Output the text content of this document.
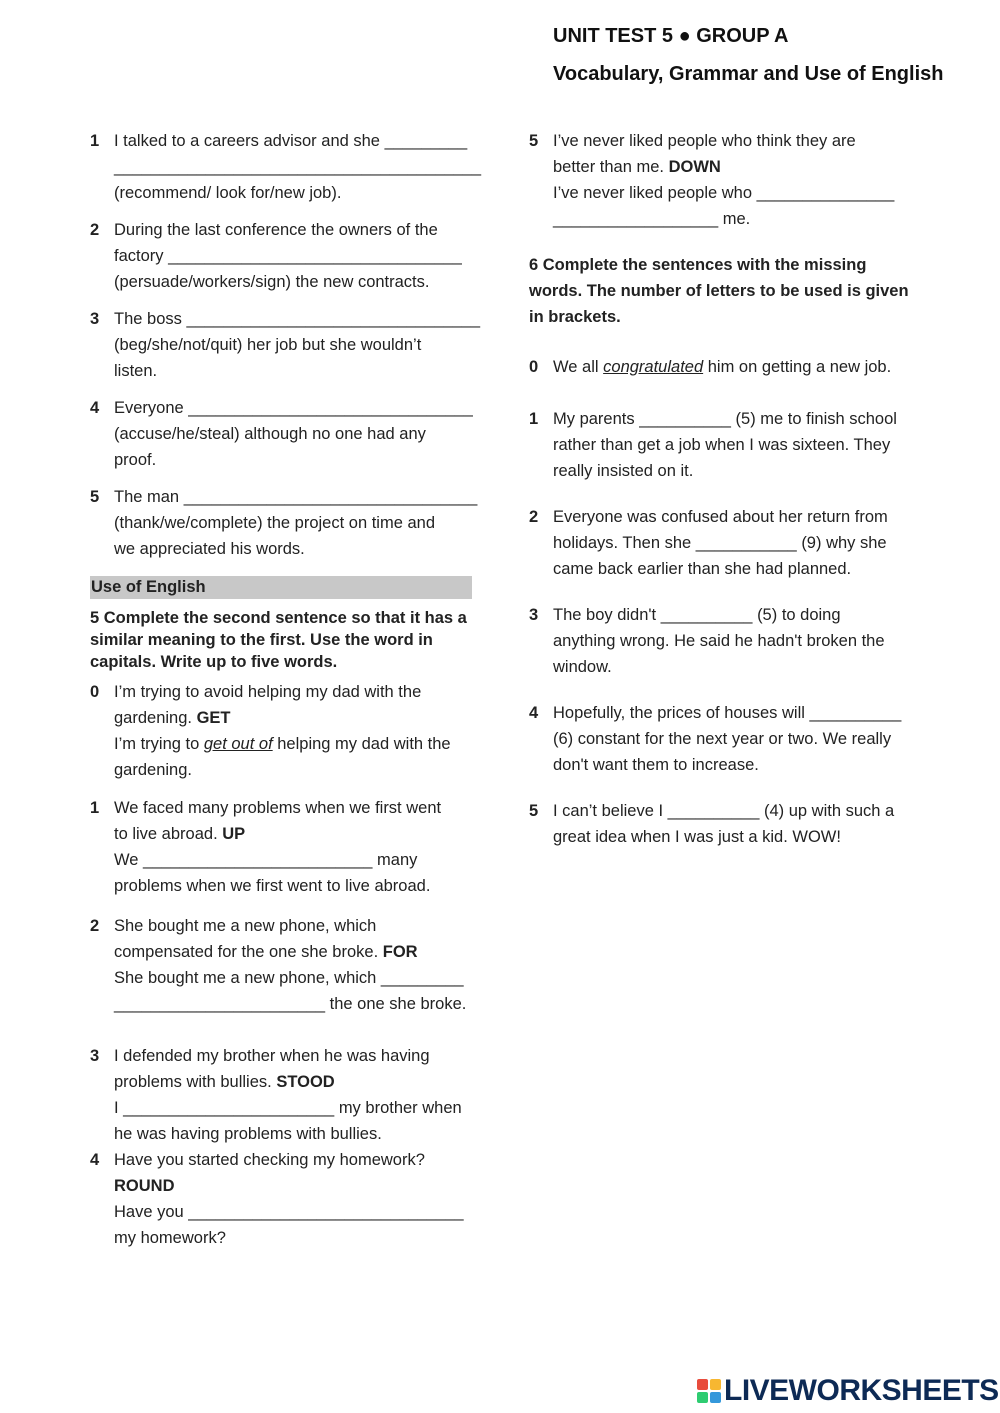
UNIT TEST 5 ● GROUP A
Vocabulary, Grammar and Use of English
1 I talked to a careers advisor and she _________
________________________________________
(recommend/ look for/new job).
2 During the last conference the owners of the
factory ________________________________
(persuade/workers/sign) the new contracts.
3 The boss ________________________________
(beg/she/not/quit) her job but she wouldn’t
listen.
4 Everyone _______________________________
(accuse/he/steal) although no one had any
proof.
5 The man ________________________________
(thank/we/complete) the project on time and
we appreciated his words.
Use of English
5 Complete the second sentence so that it has a
similar meaning to the first. Use the word in
capitals. Write up to five words.
0 I’m trying to avoid helping my dad with the
gardening. GET
I’m trying to get out of helping my dad with the
gardening.
1 We faced many problems when we first went
to live abroad. UP
We _________________________ many
problems when we first went to live abroad.
2 She bought me a new phone, which
compensated for the one she broke. FOR
She bought me a new phone, which _________
_______________________ the one she broke.
3 I defended my brother when he was having
problems with bullies. STOOD
I _______________________ my brother when
he was having problems with bullies.
4 Have you started checking my homework?
ROUND
Have you ______________________________
my homework?
5 I’ve never liked people who think they are
better than me. DOWN
I’ve never liked people who _______________
__________________ me.
6 Complete the sentences with the missing
words. The number of letters to be used is given
in brackets.
0 We all congratulated him on getting a new job.
1 My parents __________ (5) me to finish school
rather than get a job when I was sixteen. They
really insisted on it.
2 Everyone was confused about her return from
holidays. Then she ___________ (9) why she
came back earlier than she had planned.
3 The boy didn't __________ (5) to doing
anything wrong. He said he hadn't broken the
window.
4 Hopefully, the prices of houses will __________
(6) constant for the next year or two. We really
don't want them to increase.
5 I can’t believe I __________ (4) up with such a
great idea when I was just a kid. WOW!
LIVEWORKSHEETS
